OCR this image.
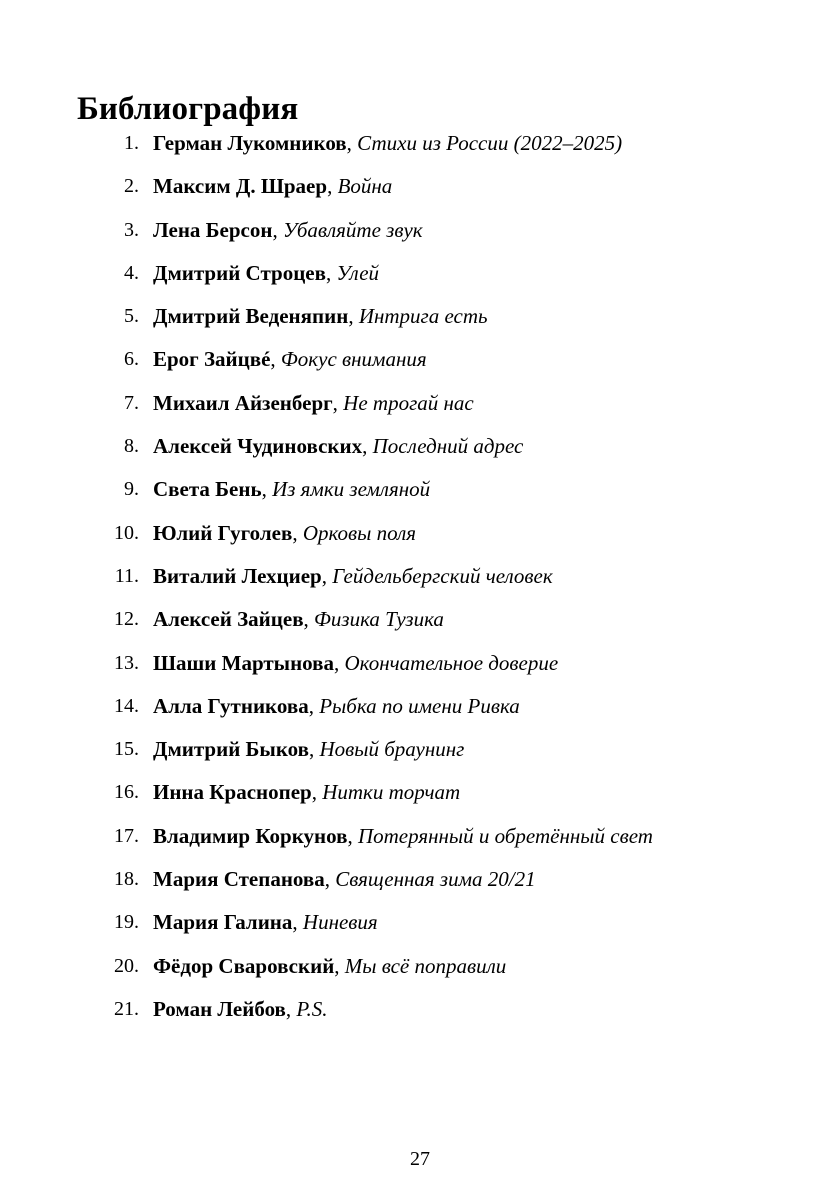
Библиография
1. Герман Лукомников, Стихи из России (2022–2025)
2. Максим Д. Шраер, Война
3. Лена Берсон, Убавляйте звук
4. Дмитрий Строцев, Улей
5. Дмитрий Веденяпин, Интрига есть
6. Ерог Зайцвé, Фокус внимания
7. Михаил Айзенберг, Не трогай нас
8. Алексей Чудиновских, Последний адрес
9. Света Бень, Из ямки земляной
10. Юлий Гуголев, Орковы поля
11. Виталий Лехциер, Гейдельбергский человек
12. Алексей Зайцев, Физика Тузика
13. Шаши Мартынова, Окончательное доверие
14. Алла Гутникова, Рыбка по имени Ривка
15. Дмитрий Быков, Новый браунинг
16. Инна Краснопер, Нитки торчат
17. Владимир Коркунов, Потерянный и обретённый свет
18. Мария Степанова, Священная зима 20/21
19. Мария Галина, Ниневия
20. Фёдор Сваровский, Мы всё поправили
21. Роман Лейбов, P.S.
27
